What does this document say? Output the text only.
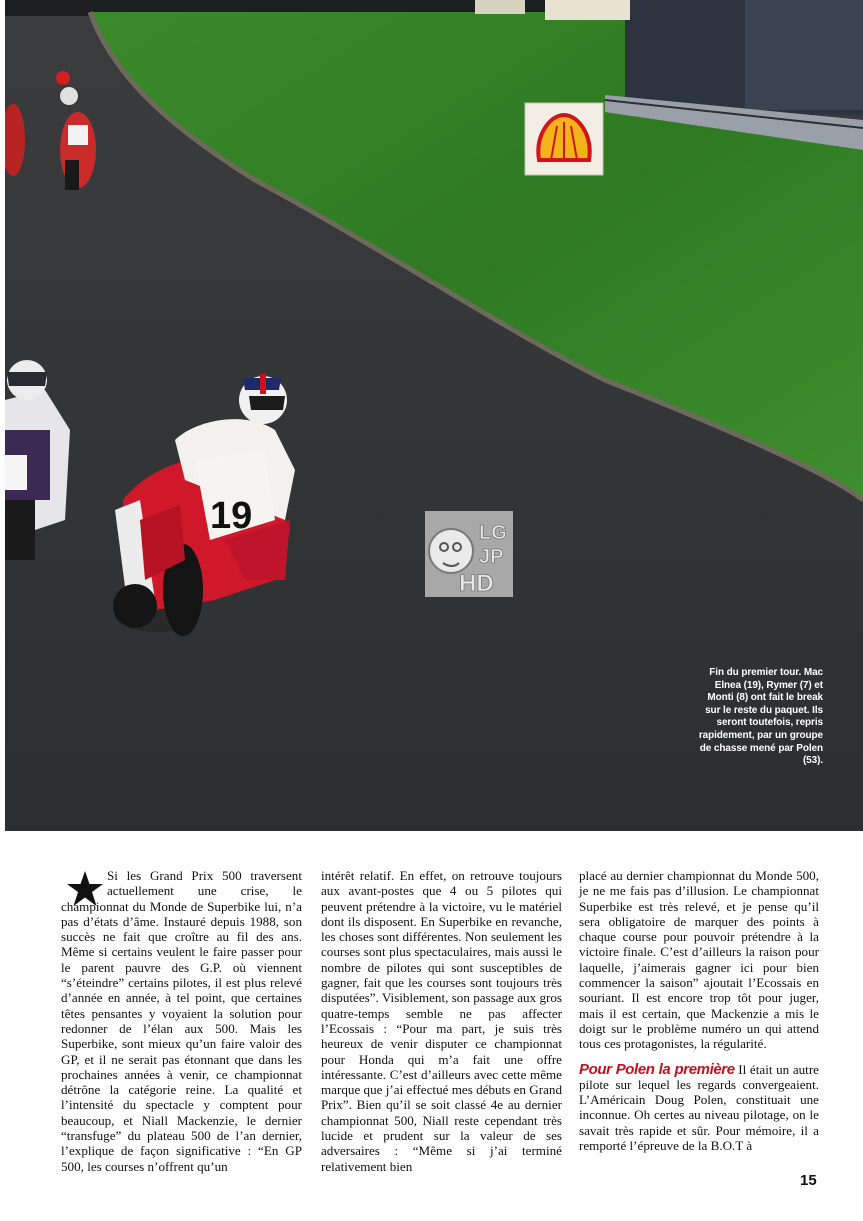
19
Fin du premier tour. Mac Elnea (19), Rymer (7) et Monti (8) ont fait le break sur le reste du paquet. Ils seront toutefois, repris rapidement, par un groupe de chasse mené par Polen (53).
LG
JP
HD

Si les Grand Prix 500 traversent actuellement une crise, le championnat du Monde de Superbike lui, n’a pas d’états d’âme. Instauré depuis 1988, son succès ne fait que croître au fil des ans. Même si certains veulent le faire passer pour le parent pauvre des G.P. où viennent “s’éteindre” certains pilotes, il est plus relevé d’année en année, à tel point, que certaines têtes pensantes y voyaient la solution pour redonner de l’élan aux 500. Mais les Superbike, sont mieux qu’un faire valoir des GP, et il ne serait pas étonnant que dans les prochaines années à venir, ce championnat détrône la catégorie reine. La qualité et l’intensité du spectacle y comptent pour beaucoup, et Niall Mackenzie, le dernier “transfuge” du plateau 500 de l’an dernier, l’explique de façon significative : “En GP 500, les courses n’offrent qu’un

intérêt relatif. En effet, on retrouve toujours aux avant-postes que 4 ou 5 pilotes qui peuvent prétendre à la victoire, vu le matériel dont ils disposent. En Superbike en revanche, les choses sont différentes. Non seulement les courses sont plus spectaculaires, mais aussi le nombre de pilotes qui sont susceptibles de gagner, fait que les courses sont toujours très disputées”. Visiblement, son passage aux gros quatre-temps semble ne pas affecter l’Ecossais : “Pour ma part, je suis très heureux de venir disputer ce championnat pour Honda qui m’a fait une offre intéressante. C’est d’ailleurs avec cette même marque que j’ai effectué mes débuts en Grand Prix”. Bien qu’il se soit classé 4e au dernier championnat 500, Niall reste cependant très lucide et prudent sur la valeur de ses adversaires : “Même si j’ai terminé relativement bien

placé au dernier championnat du Monde 500, je ne me fais pas d’illusion. Le championnat Superbike est très relevé, et je pense qu’il sera obligatoire de marquer des points à chaque course pour pouvoir prétendre à la victoire finale. C’est d’ailleurs la raison pour laquelle, j’aimerais gagner ici pour bien commencer la saison” ajoutait l’Ecossais en souriant. Il est encore trop tôt pour juger, mais il est certain, que Mackenzie a mis le doigt sur le problème numéro un qui attend tous ces protagonistes, la régularité.

Pour Polen la première Il était un autre pilote sur lequel les regards convergeaient. L’Américain Doug Polen, constituait une inconnue. Oh certes au niveau pilotage, on le savait très rapide et sûr. Pour mémoire, il a remporté l’épreuve de la B.O.T à

15
